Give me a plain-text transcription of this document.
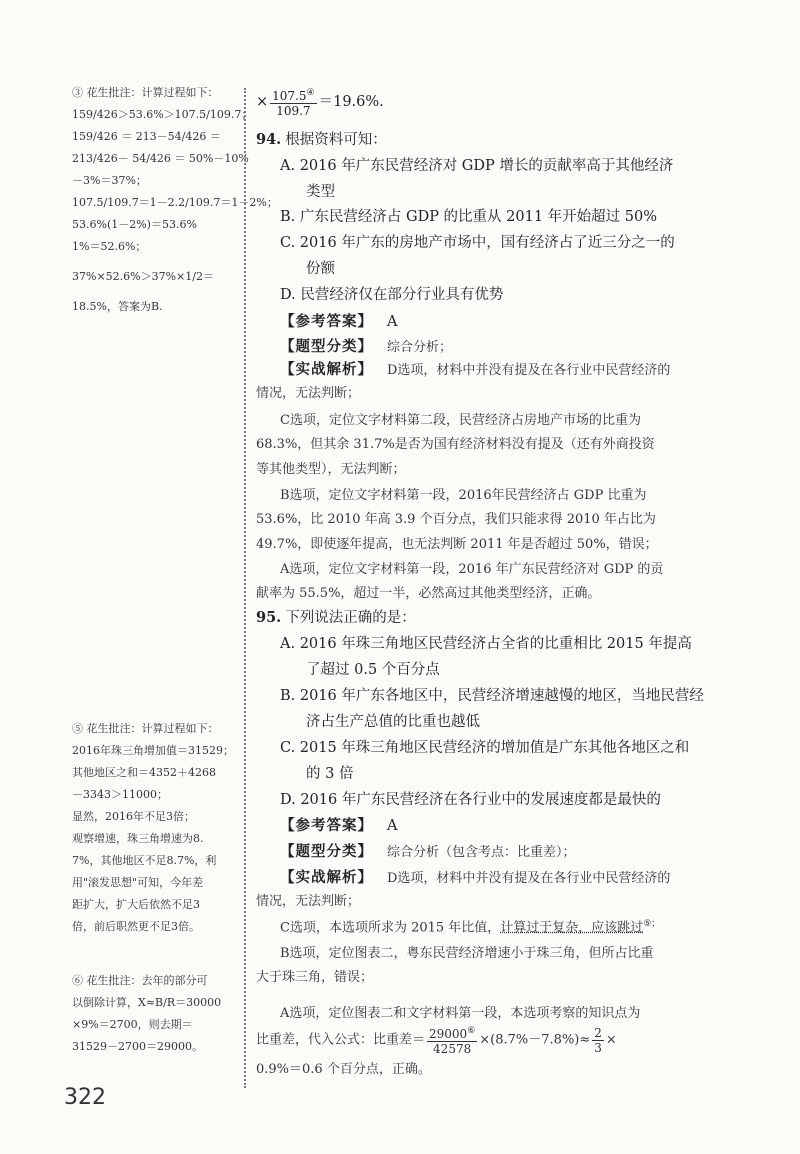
③ 花生批注：计算过程如下：
159/426＞53.6%＞107.5/109.7；
159/426 ＝ 213－54/426 ＝
213/426－ 54/426 ＝ 50%－10%
－3%＝37%；
107.5/109.7＝1－2.2/109.7＝1－2%；
53.6%(1－2%)＝53.6%
1%＝52.6%；
37%×52.6%＞37%×1/2＝
18.5%，答案为B.
⑤ 花生批注：计算过程如下：
2016年珠三角增加值＝31529；
其他地区之和＝4352＋4268
－3343＞11000；
显然，2016年不足3倍；
观察增速，珠三角增速为8.
7%，其他地区不足8.7%，利
用"滚发思想"可知，今年差
距扩大，扩大后依然不足3
倍，前后职然更不足3倍。
⑥ 花生批注：去年的部分可
以倒除计算，X≈B/R＝30000
×9%＝2700，则去期＝
31529－2700＝29000。
× $\frac{107.5^④}{109.7} =19.6\%$.
94. 根据资料可知：
A. 2016 年广东民营经济对 GDP 增长的贡献率高于其他经济
类型
B. 广东民营经济占 GDP 的比重从 2011 年开始超过 50%
C. 2016 年广东的房地产市场中，国有经济占了近三分之一的
份额
D. 民营经济仅在部分行业具有优势
【参考答案】 A
【题型分类】 综合分析；
【实战解析】 D选项，材料中并没有提及在各行业中民营经济的
情况，无法判断；
C选项，定位文字材料第二段，民营经济占房地产市场的比重为
68.3%，但其余 31.7%是否为国有经济材料没有提及（还有外商投资
等其他类型），无法判断；
B选项，定位文字材料第一段，2016年民营经济占 GDP 比重为
53.6%，比 2010 年高 3.9 个百分点，我们只能求得 2010 年占比为
49.7%，即使逐年提高，也无法判断 2011 年是否超过 50%，错误；
A选项，定位文字材料第一段，2016 年广东民营经济对 GDP 的贡
献率为 55.5%，超过一半，必然高过其他类型经济，正确。
95. 下列说法正确的是：
A. 2016 年珠三角地区民营经济占全省的比重相比 2015 年提高
了超过 0.5 个百分点
B. 2016 年广东各地区中，民营经济增速越慢的地区，当地民营经
济占生产总值的比重也越低
C. 2015 年珠三角地区民营经济的增加值是广东其他各地区之和
的 3 倍
D. 2016 年广东民营经济在各行业中的发展速度都是最快的
【参考答案】 A
【题型分类】 综合分析（包含考点：比重差）；
【实战解析】 D选项，材料中并没有提及在各行业中民营经济的
情况，无法判断；
C选项，本选项所求为 2015 年比值，计算过于复杂，应该跳过⑤；
B选项，定位图表二，粤东民营经济增速小于珠三角，但所占比重
大于珠三角，错误；
A选项，定位图表二和文字材料第一段，本选项考察的知识点为
比重差，代入公式：比重差＝ $\frac{29000^⑥}{42578} \times(8.7\%-7.8\%)\approx \frac{2}{3}$ ×
0.9%＝0.6 个百分点，正确。
322
